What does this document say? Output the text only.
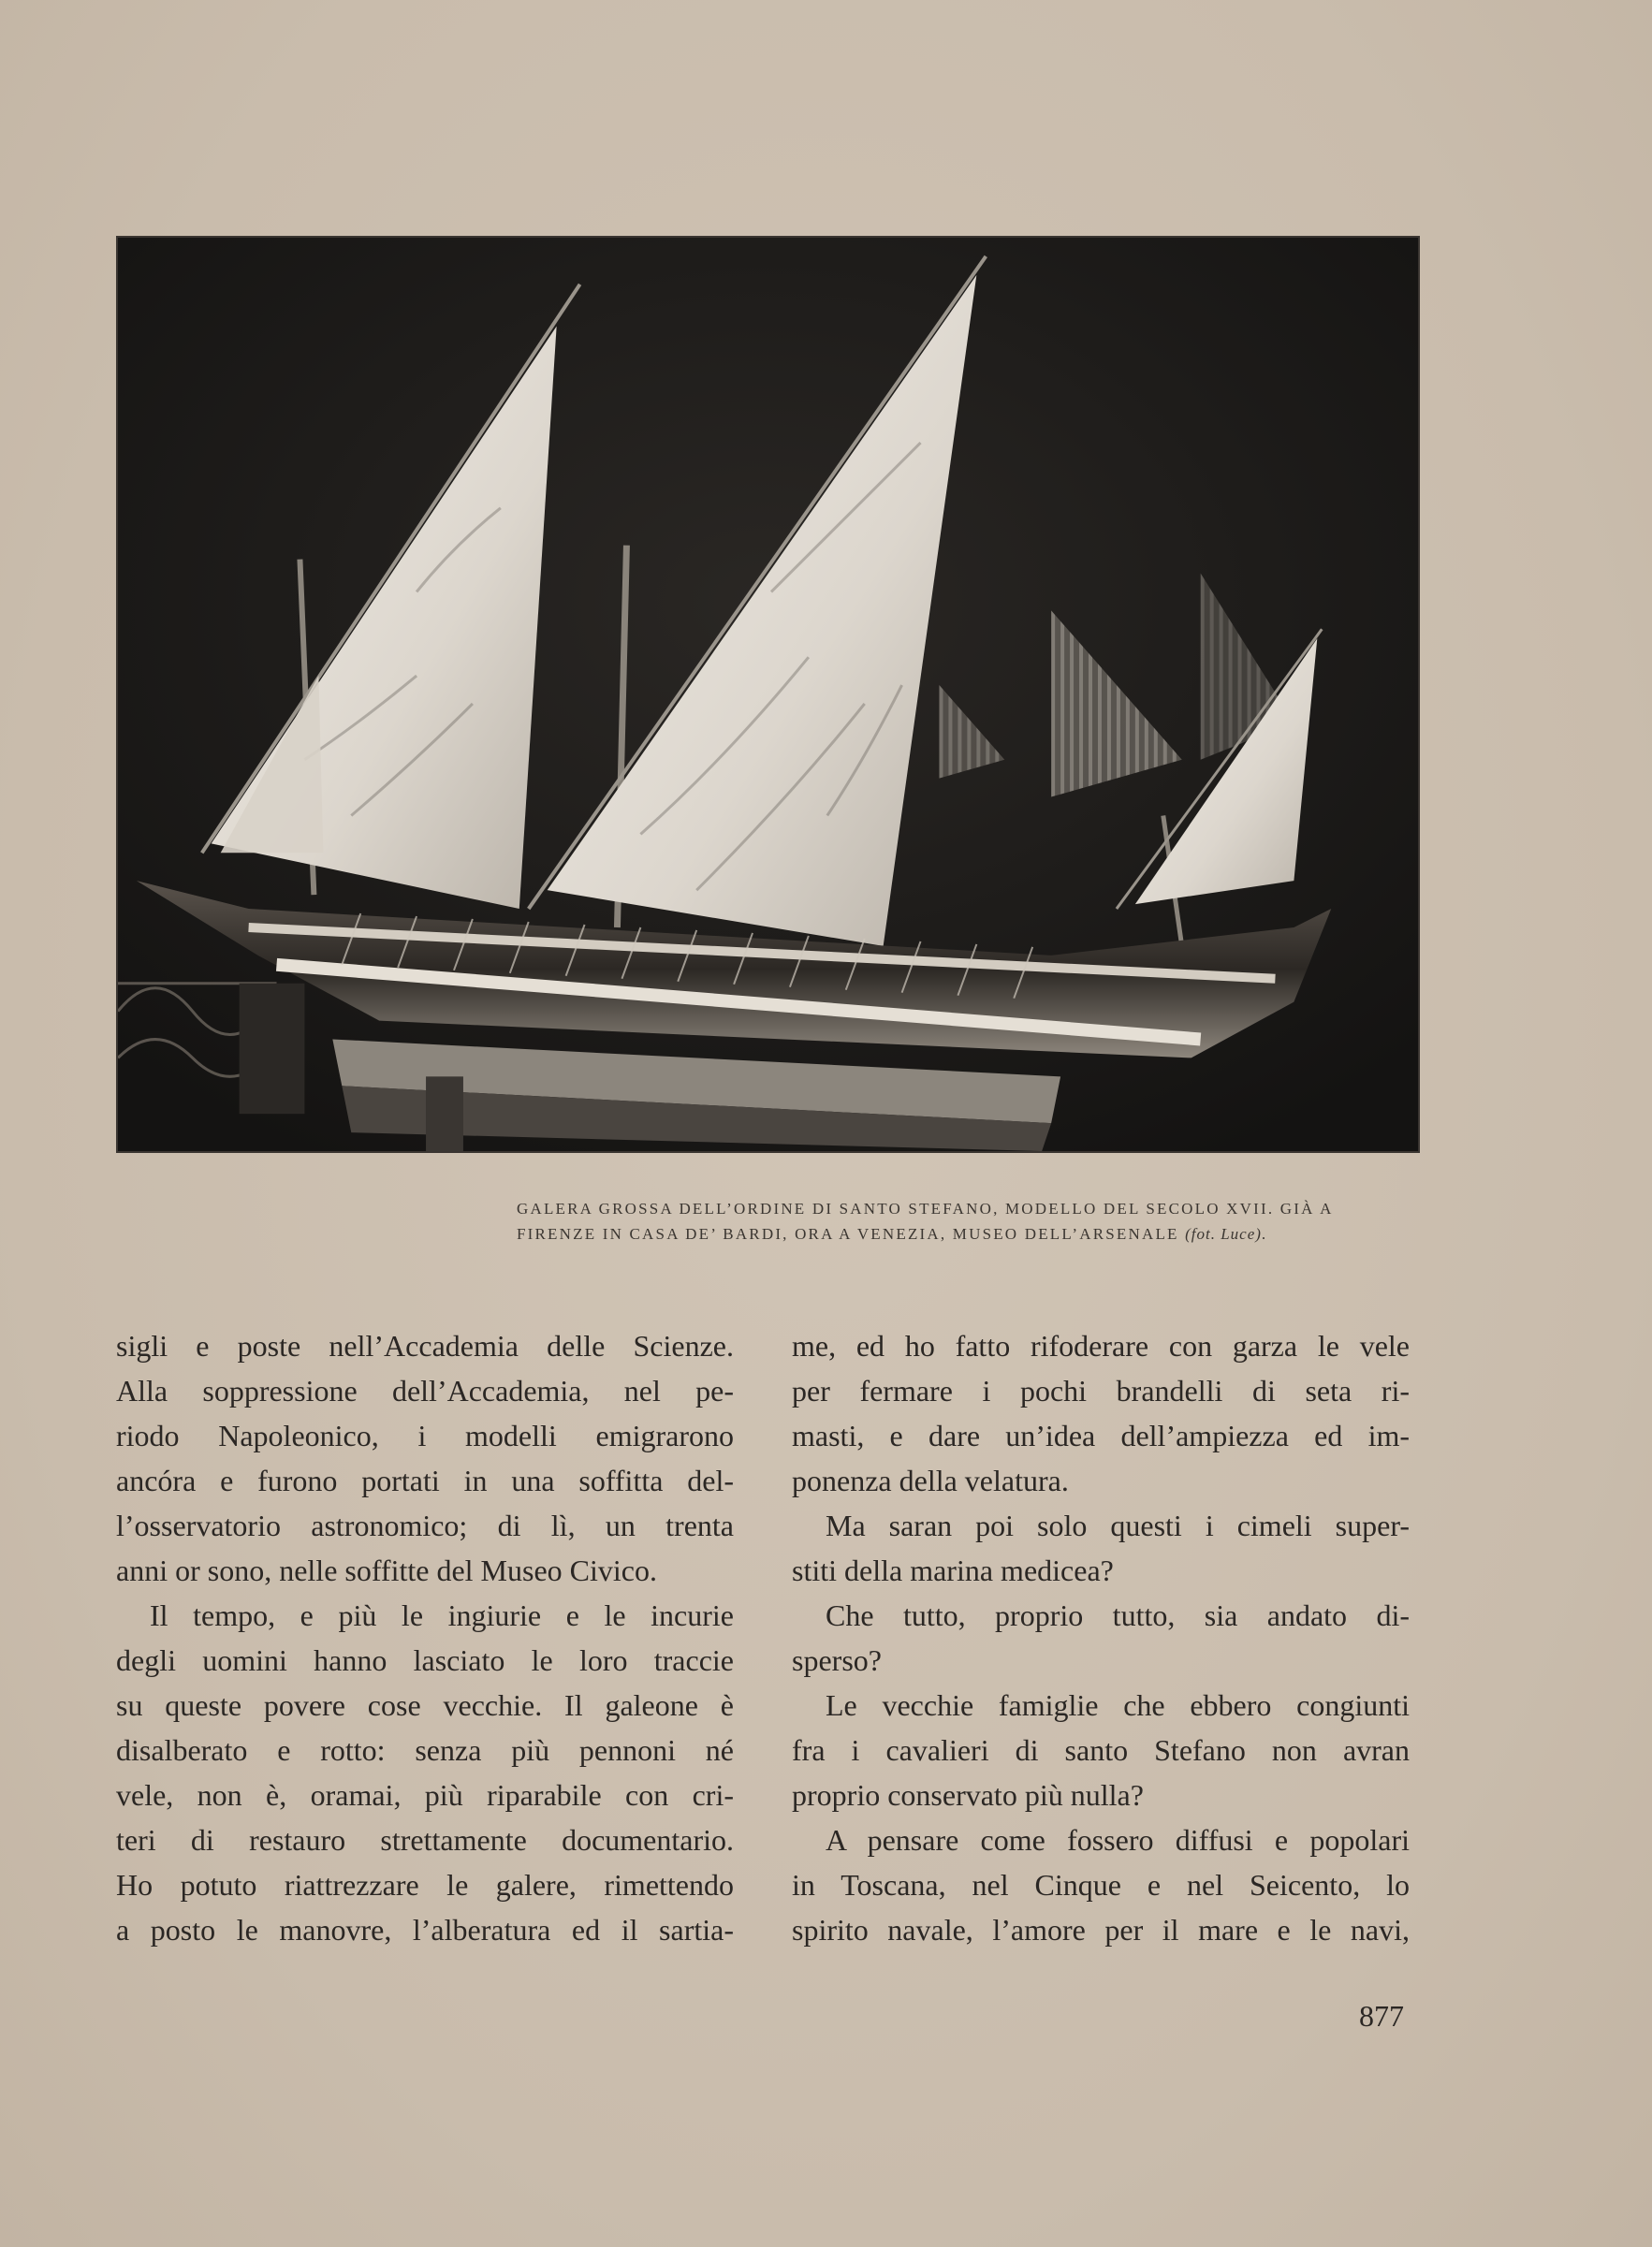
GALERA GROSSA DELL’ORDINE DI SANTO STEFANO, MODELLO DEL SECOLO XVII. GIÀ A
FIRENZE IN CASA DE’ BARDI, ORA A VENEZIA, MUSEO DELL’ARSENALE (fot. Luce).
sigli e poste nell’Accademia delle Scienze.
Alla soppressione dell’Accademia, nel pe-
riodo Napoleonico, i modelli emigrarono
ancóra e furono portati in una soffitta del-
l’osservatorio astronomico; di lì, un trenta
anni or sono, nelle soffitte del Museo Civico.
Il tempo, e più le ingiurie e le incurie
degli uomini hanno lasciato le loro traccie
su queste povere cose vecchie. Il galeone è
disalberato e rotto: senza più pennoni né
vele, non è, oramai, più riparabile con cri-
teri di restauro strettamente documentario.
Ho potuto riattrezzare le galere, rimettendo
a posto le manovre, l’alberatura ed il sartia-
me, ed ho fatto rifoderare con garza le vele
per fermare i pochi brandelli di seta ri-
masti, e dare un’idea dell’ampiezza ed im-
ponenza della velatura.
Ma saran poi solo questi i cimeli super-
stiti della marina medicea?
Che tutto, proprio tutto, sia andato di-
sperso?
Le vecchie famiglie che ebbero congiunti
fra i cavalieri di santo Stefano non avran
proprio conservato più nulla?
A pensare come fossero diffusi e popolari
in Toscana, nel Cinque e nel Seicento, lo
spirito navale, l’amore per il mare e le navi,
877
